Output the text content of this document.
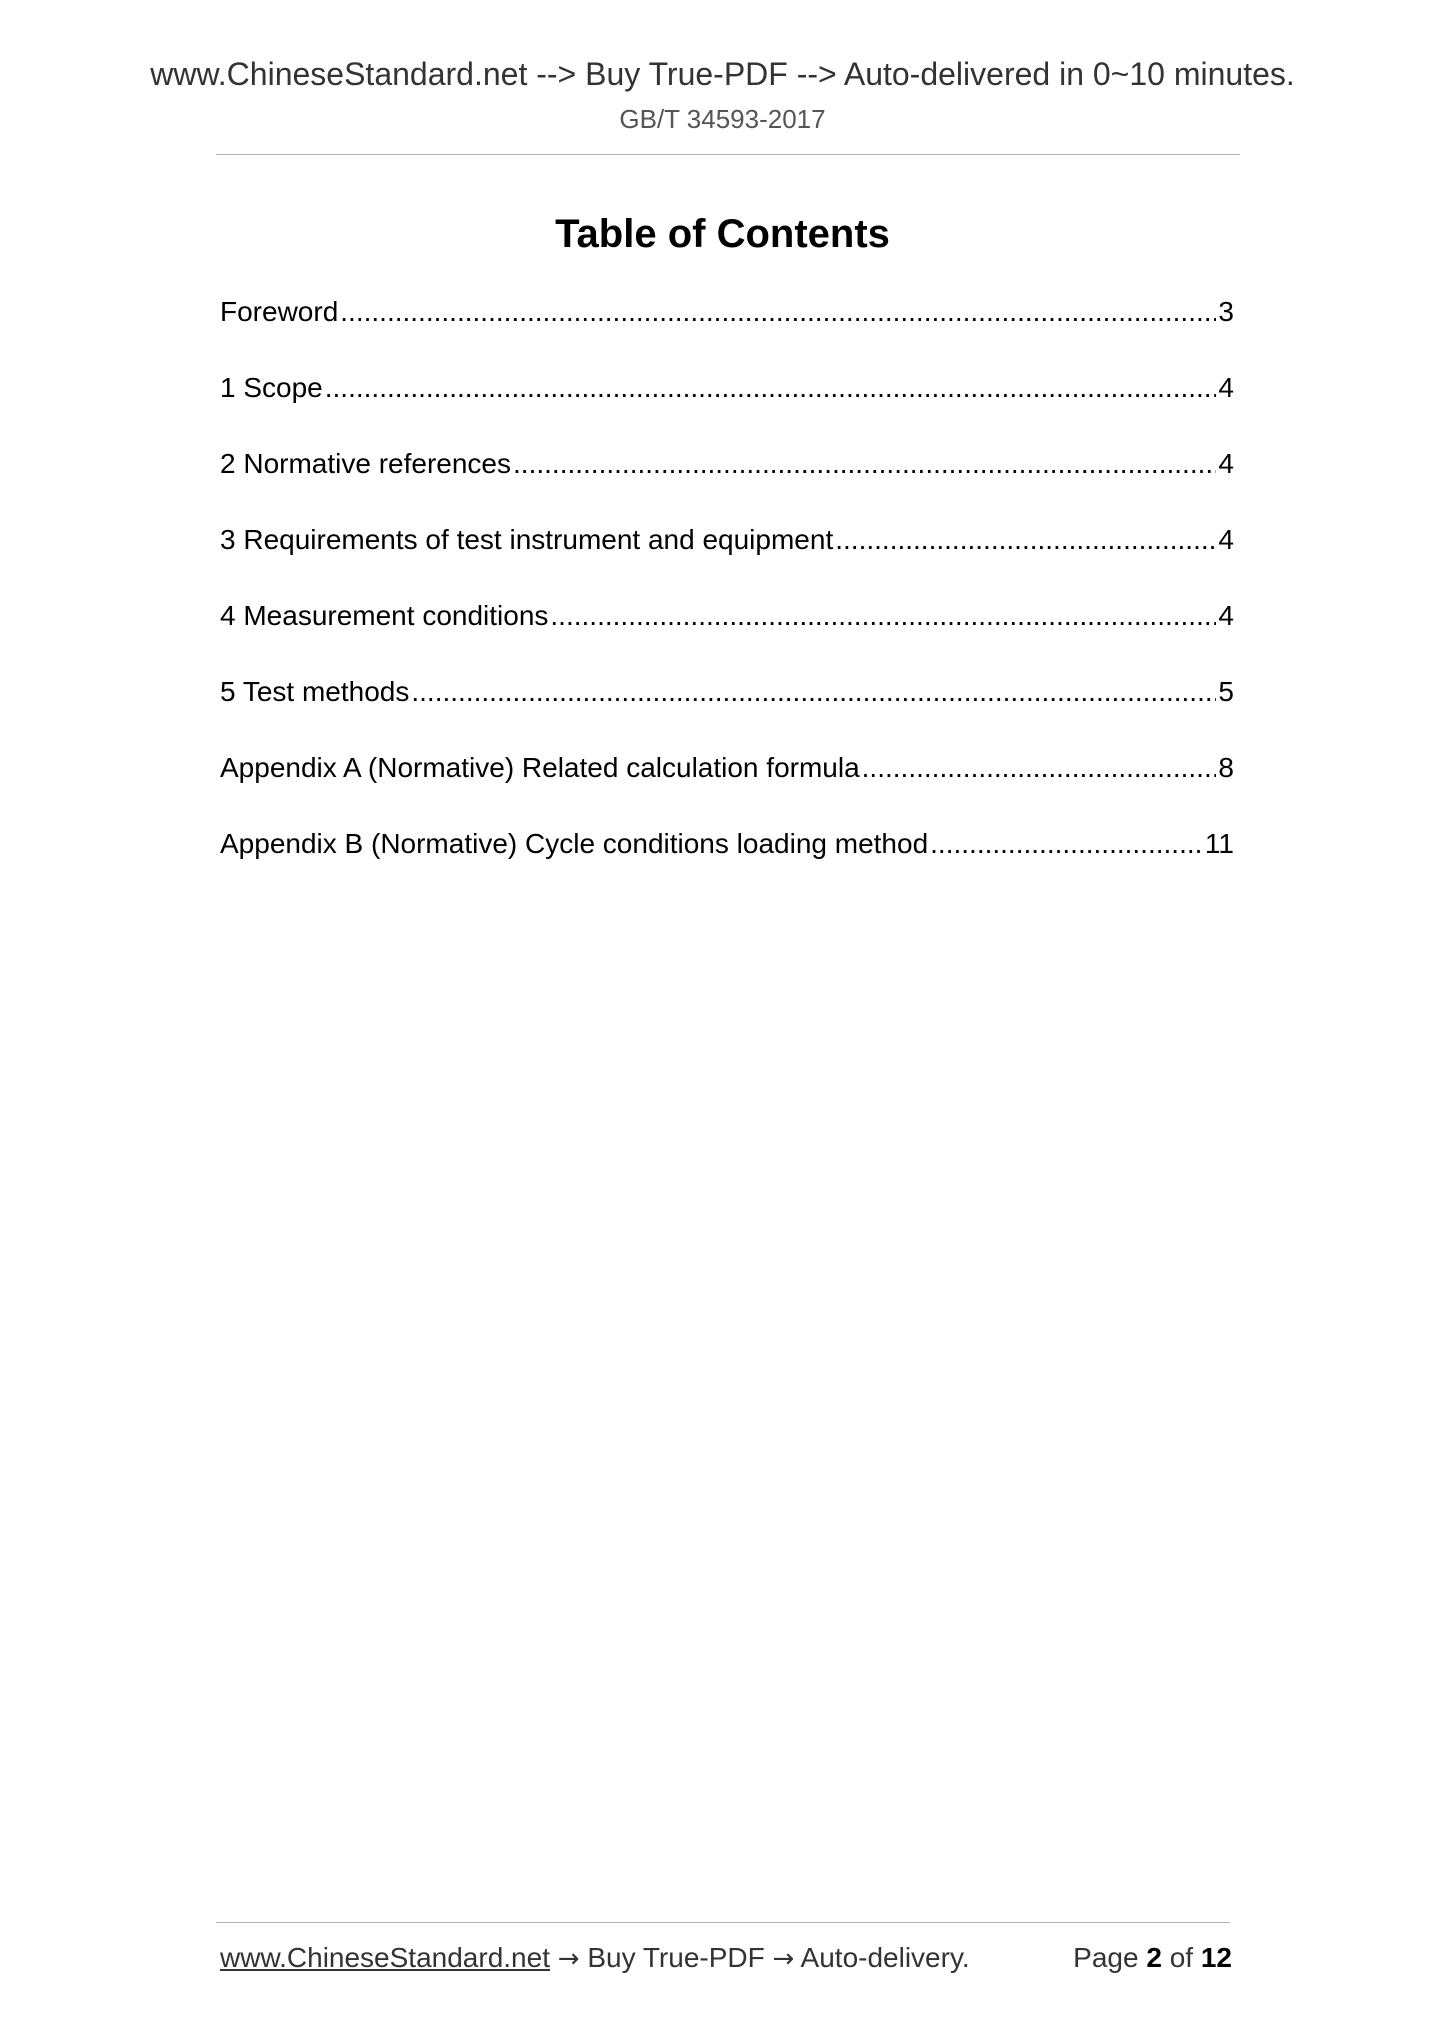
www.ChineseStandard.net --> Buy True-PDF --> Auto-delivered in 0~10 minutes.
GB/T 34593-2017
Table of Contents
Foreword .....	3
1 Scope .....	4
2 Normative references .....	4
3 Requirements of test instrument and equipment .....	4
4 Measurement conditions .....	4
5 Test methods .....	5
Appendix A (Normative) Related calculation formula .....	8
Appendix B (Normative) Cycle conditions loading method .....	11
www.ChineseStandard.net → Buy True-PDF → Auto-delivery.	Page 2 of 12
